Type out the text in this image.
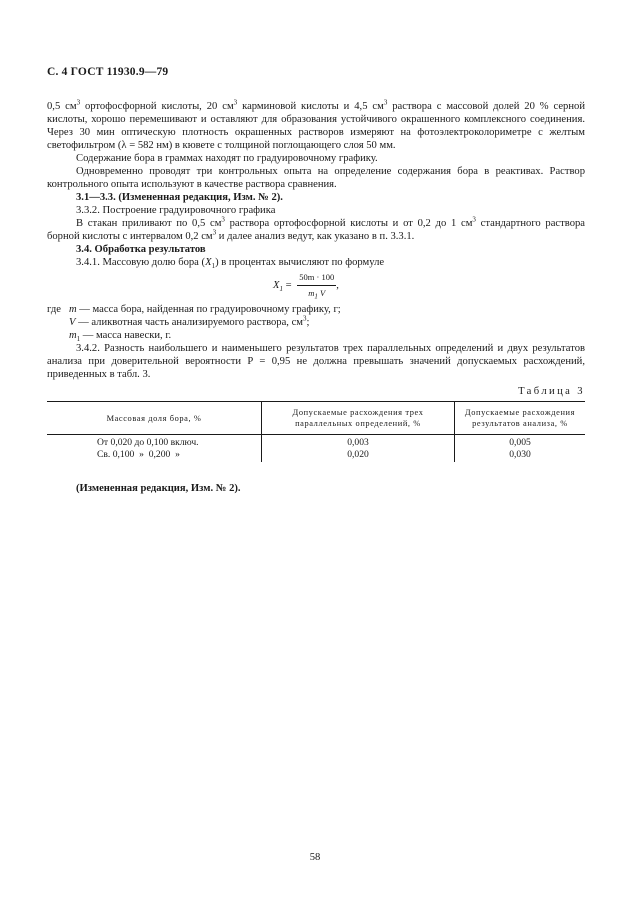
С. 4 ГОСТ 11930.9—79

0,5 $см^3$ ортофосфорной кислоты, 20 $см^3$ карминовой кислоты и 4,5 $см^3$ раствора с массовой долей 20 % серной кислоты, хорошо перемешивают и оставляют для образования устойчивого окрашенного комплексного соединения. Через 30 мин оптическую плотность окрашенных растворов измеряют на фотоэлектроколориметре с желтым светофильтром (λ = 582 нм) в кювете с толщиной поглощающего слоя 50 мм.

Содержание бора в граммах находят по градуировочному графику.

Одновременно проводят три контрольных опыта на определение содержания бора в реактивах. Раствор контрольного опыта используют в качестве раствора сравнения.

3.1—3.3. (Измененная редакция, Изм. № 2).

3.3.2. Построение градуировочного графика

В стакан приливают по 0,5 $см^3$ раствора ортофосфорной кислоты и от 0,2 до 1 $см^3$ стандартного раствора борной кислоты с интервалом 0,2 $см^3$ и далее анализ ведут, как указано в п. 3.3.1.

3.4. Обработка результатов

3.4.1. Массовую долю бора $(X_1)$ в процентах вычисляют по формуле

$X_1 = \frac{50m \cdot 100}{m_1 V}$ ,
где m — масса бора, найденная по градуировочному графику, г;
V — аликвотная часть анализируемого раствора, $см^3$;
$m_1$ — масса навески, г.

3.4.2. Разность наибольшего и наименьшего результатов трех параллельных определений и двух результатов анализа при доверительной вероятности P = 0,95 не должна превышать значений допускаемых расхождений, приведенных в табл. 3.

Таблица 3
Массовая доля бора, %	Допускаемые расхождения трех параллельных определений, %	Допускаемые расхождения результатов анализа, %
От 0,020 до 0,100 включ.	0,003	0,005
Св. 0,100  »  0,200  »	0,020	0,030
(Измененная редакция, Изм. № 2).
58
